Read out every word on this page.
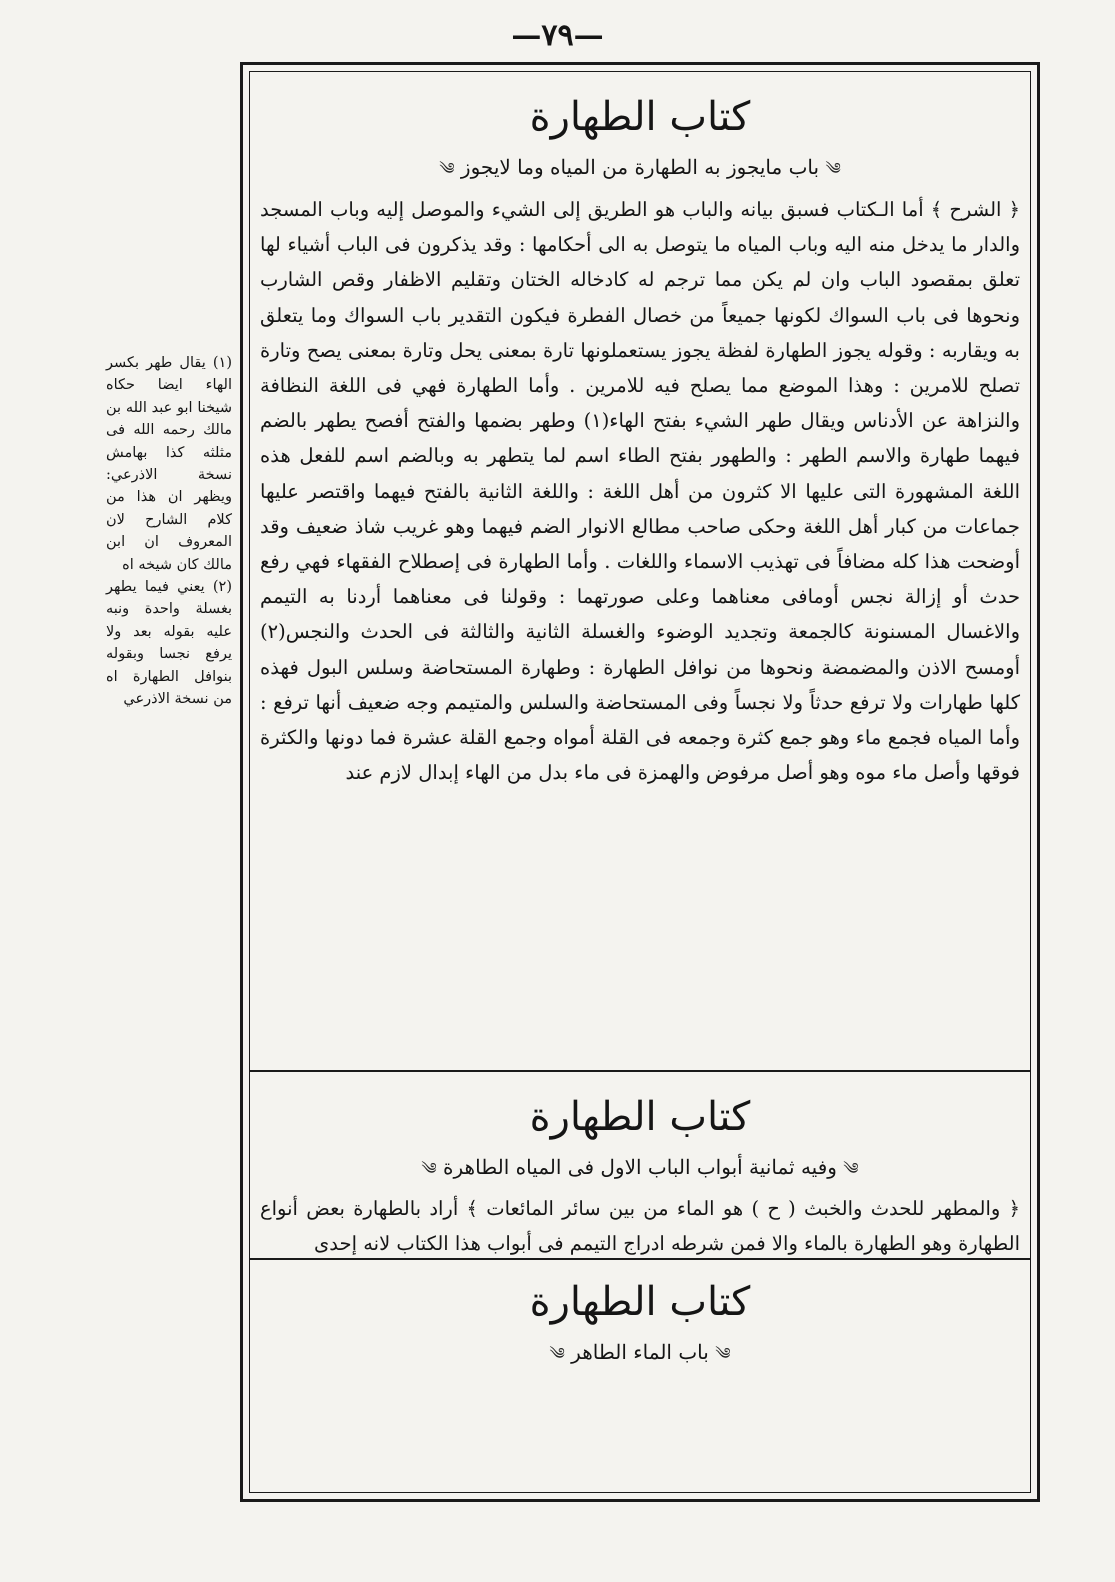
—٧٩—
كتاب الطهارة
༄ باب مايجوز به الطهارة من المياه وما لايجوز ༄

﴿ الشرح ﴾ أما الـكتاب فسبق بيانه والباب هو الطريق إلى الشيء والموصل إليه وباب المسجد والدار ما يدخل منه اليه وباب المياه ما يتوصل به الى أحكامها : وقد يذكرون فى الباب أشياء لها تعلق بمقصود الباب وان لم يكن مما ترجم له كادخاله الختان وتقليم الاظفار وقص الشارب ونحوها فى باب السواك لكونها جميعاً من خصال الفطرة فيكون التقدير باب السواك وما يتعلق به ويقاربه : وقوله يجوز الطهارة لفظة يجوز يستعملونها تارة بمعنى يحل وتارة بمعنى يصح وتارة تصلح للامرين : وهذا الموضع مما يصلح فيه للامرين . وأما الطهارة فهي فى اللغة النظافة والنزاهة عن الأدناس ويقال طهر الشيء بفتح الهاء(١) وطهر بضمها والفتح أفصح يطهر بالضم فيهما طهارة والاسم الطهر : والطهور بفتح الطاء اسم لما يتطهر به وبالضم اسم للفعل هذه اللغة المشهورة التى عليها الا كثرون من أهل اللغة : واللغة الثانية بالفتح فيهما واقتصر عليها جماعات من كبار أهل اللغة وحكى صاحب مطالع الانوار الضم فيهما وهو غريب شاذ ضعيف وقد أوضحت هذا كله مضافاً فى تهذيب الاسماء واللغات . وأما الطهارة فى إصطلاح الفقهاء فهي رفع حدث أو إزالة نجس أومافى معناهما وعلى صورتهما : وقولنا فى معناهما أردنا به التيمم والاغسال المسنونة كالجمعة وتجديد الوضوء والغسلة الثانية والثالثة فى الحدث والنجس(٢) أومسح الاذن والمضمضة ونحوها من نوافل الطهارة : وطهارة المستحاضة وسلس البول فهذه كلها طهارات ولا ترفع حدثاً ولا نجساً وفى المستحاضة والسلس والمتيمم وجه ضعيف أنها ترفع : وأما المياه فجمع ماء وهو جمع كثرة وجمعه فى القلة أمواه وجمع القلة عشرة فما دونها والكثرة فوقها وأصل ماء موه وهو أصل مرفوض والهمزة فى ماء بدل من الهاء إبدال لازم عند

كتاب الطهارة
༄ وفيه ثمانية أبواب الباب الاول فى المياه الطاهرة ༄

﴿ والمطهر للحدث والخبث ( ح ) هو الماء من بين سائر المائعات ﴾ أراد بالطهارة بعض أنواع الطهارة وهو الطهارة بالماء والا فمن شرطه ادراج التيمم فى أبواب هذا الكتاب لانه إحدى

كتاب الطهارة
༄ باب الماء الطاهر ༄

(١) يقال طهر بكسر الهاء ايضا حكاه شيخنا ابو عبد الله بن مالك رحمه الله فى مثلثه كذا بهامش نسخة الاذرعي: ويظهر ان هذا من كلام الشارح لان المعروف ان ابن مالك كان شيخه اه

(٢) يعني فيما يطهر بغسلة واحدة ونبه عليه بقوله بعد ولا يرفع نجسا وبقوله بنوافل الطهارة اه من نسخة الاذرعي
